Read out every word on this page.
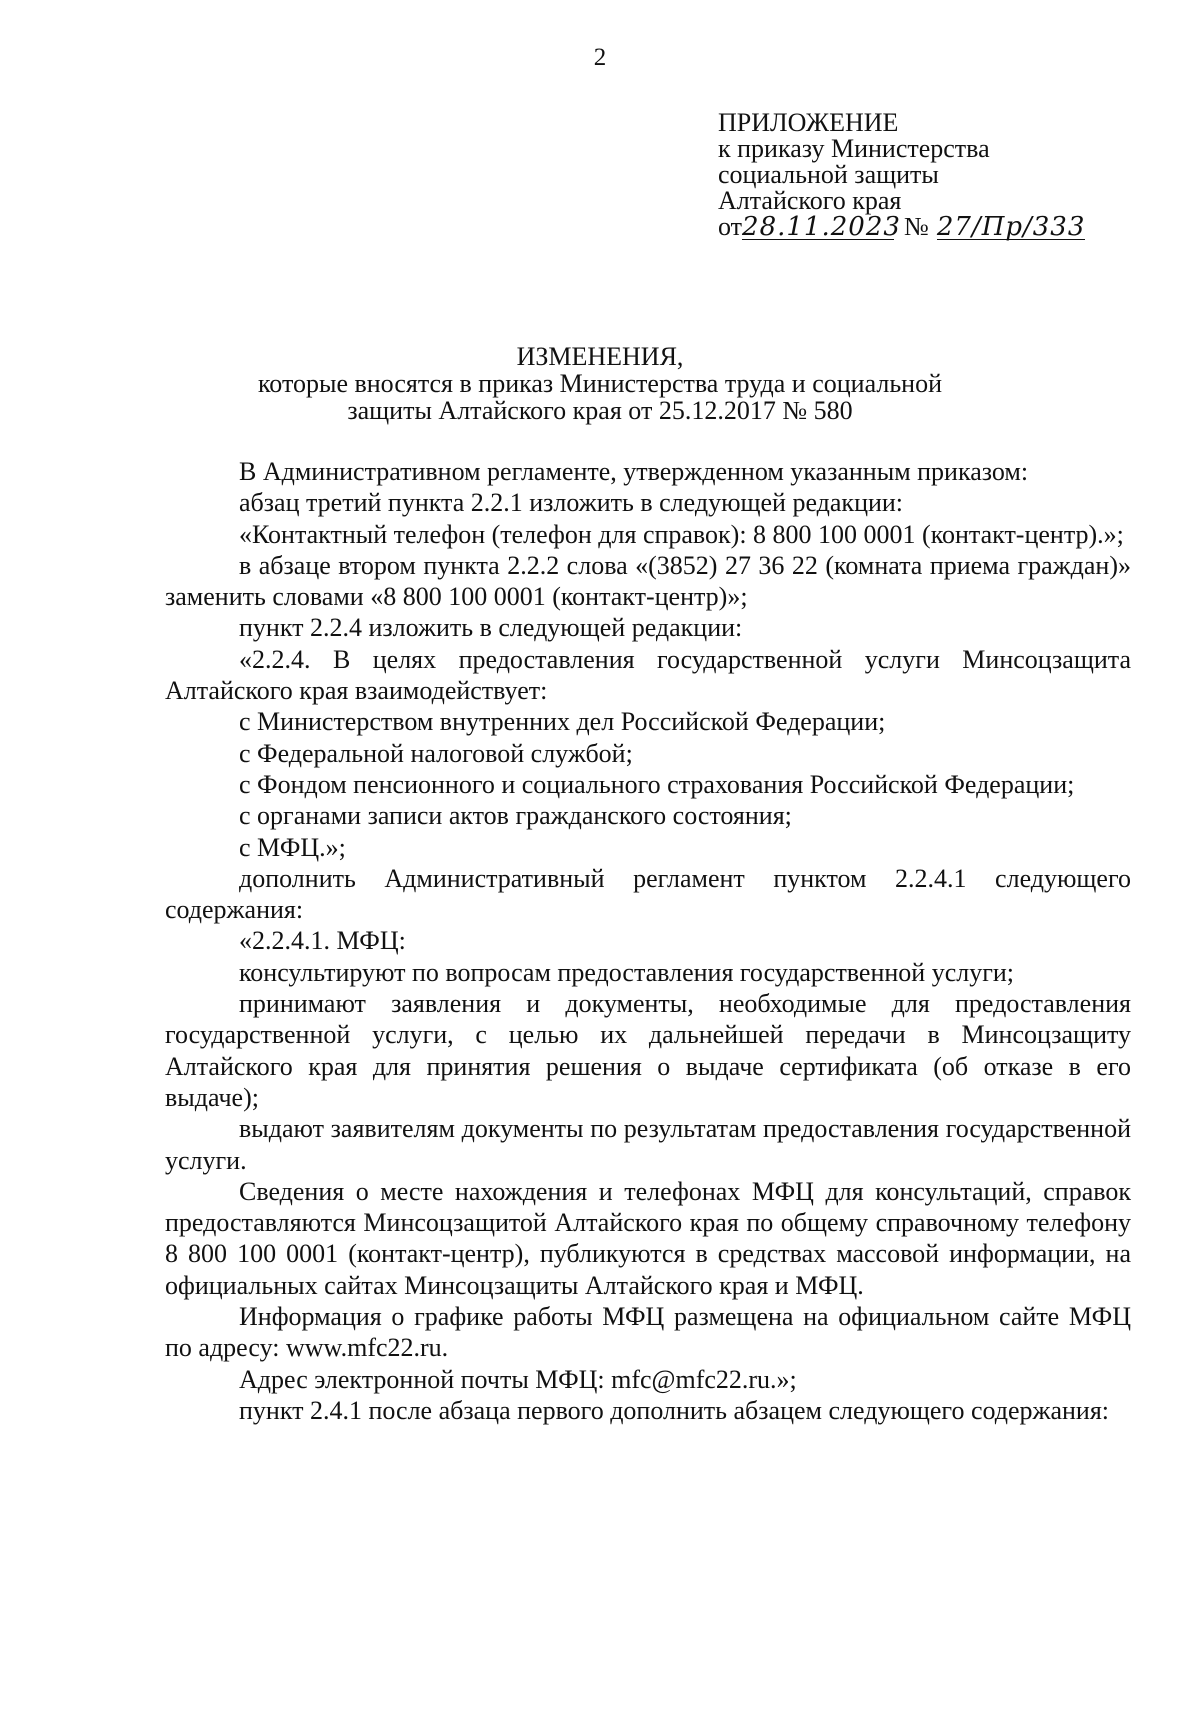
2
ПРИЛОЖЕНИЕ
к приказу Министерства
социальной защиты
Алтайского края
от 28.11.2023 № 27/Пр/333
ИЗМЕНЕНИЯ,
которые вносятся в приказ Министерства труда и социальной
защиты Алтайского края от 25.12.2017 № 580

В Административном регламенте, утвержденном указанным приказом:

абзац третий пункта 2.2.1 изложить в следующей редакции:

«Контактный телефон (телефон для справок): 8 800 100 0001 (контакт-центр).»;

в абзаце втором пункта 2.2.2 слова «(3852) 27 36 22 (комната приема граждан)» заменить словами «8 800 100 0001 (контакт-центр)»;

пункт 2.2.4 изложить в следующей редакции:

«2.2.4. В целях предоставления государственной услуги Минсоцзащита Алтайского края взаимодействует:

с Министерством внутренних дел Российской Федерации;

с Федеральной налоговой службой;

с Фондом пенсионного и социального страхования Российской Федерации;

с органами записи актов гражданского состояния;

с МФЦ.»;

дополнить Административный регламент пунктом 2.2.4.1 следующего содержания:

«2.2.4.1. МФЦ:

консультируют по вопросам предоставления государственной услуги;

принимают заявления и документы, необходимые для предоставления государственной услуги, с целью их дальнейшей передачи в Минсоцзащиту Алтайского края для принятия решения о выдаче сертификата (об отказе в его выдаче);

выдают заявителям документы по результатам предоставления государственной услуги.

Сведения о месте нахождения и телефонах МФЦ для консультаций, справок предоставляются Минсоцзащитой Алтайского края по общему справочному телефону 8 800 100 0001 (контакт-центр), публикуются в средствах массовой информации, на официальных сайтах Минсоцзащиты Алтайского края и МФЦ.

Информация о графике работы МФЦ размещена на официальном сайте МФЦ по адресу: www.mfc22.ru.

Адрес электронной почты МФЦ: mfc@mfc22.ru.»;

пункт 2.4.1 после абзаца первого дополнить абзацем следующего содержания:
